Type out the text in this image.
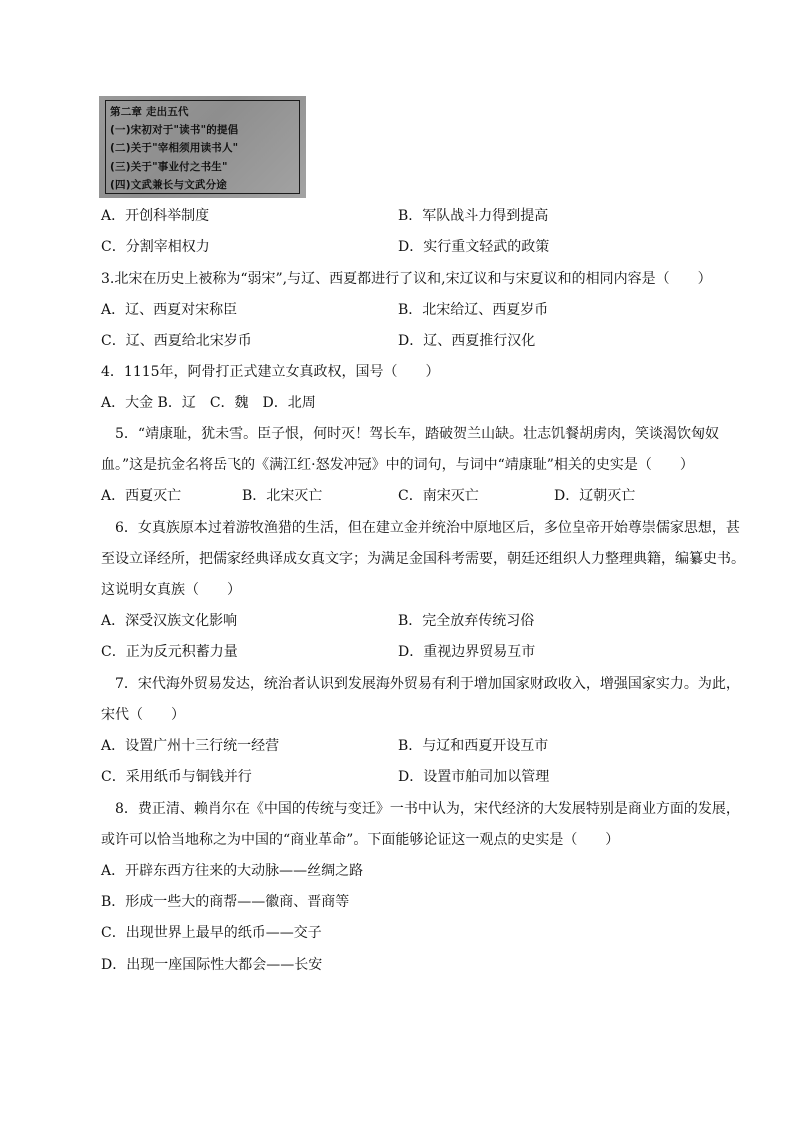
第二章 走出五代
(一)宋初对于"读书"的提倡
(二)关于"宰相须用读书人"
(三)关于"事业付之书生"
(四)文武兼长与文武分途
A．开创科举制度	B．军队战斗力得到提高
C．分割宰相权力	D．实行重文轻武的政策
3.北宋在历史上被称为“弱宋”,与辽、西夏都进行了议和,宋辽议和与宋夏议和的相同内容是（　　）
A．辽、西夏对宋称臣	B．北宋给辽、西夏岁币
C．辽、西夏给北宋岁币	D．辽、西夏推行汉化
4．1115年，阿骨打正式建立女真政权，国号（　　）
A．大金 B．辽　C．魏　D．北周
5．“靖康耻，犹未雪。臣子恨，何时灭！驾长车，踏破贺兰山缺。壮志饥餐胡虏肉，笑谈渴饮匈奴
血。”这是抗金名将岳飞的《满江红·怒发冲冠》中的词句，与词中“靖康耻”相关的史实是（　　）
A．西夏灭亡	B．北宋灭亡	C．南宋灭亡	D．辽朝灭亡
6．女真族原本过着游牧渔猎的生活，但在建立金并统治中原地区后，多位皇帝开始尊崇儒家思想，甚
至设立译经所，把儒家经典译成女真文字；为满足金国科考需要，朝廷还组织人力整理典籍，编纂史书。
这说明女真族（　　）
A．深受汉族文化影响	B．完全放弃传统习俗
C．正为反元积蓄力量	D．重视边界贸易互市
7．宋代海外贸易发达，统治者认识到发展海外贸易有利于增加国家财政收入，增强国家实力。为此，
宋代（　　）
A．设置广州十三行统一经营	B．与辽和西夏开设互市
C．采用纸币与铜钱并行	D．设置市舶司加以管理
8．费正清、赖肖尔在《中国的传统与变迁》一书中认为，宋代经济的大发展特别是商业方面的发展，
或许可以恰当地称之为中国的“商业革命”。下面能够论证这一观点的史实是（　　）
A．开辟东西方往来的大动脉——丝绸之路
B．形成一些大的商帮——徽商、晋商等
C．出现世界上最早的纸币——交子
D．出现一座国际性大都会——长安
